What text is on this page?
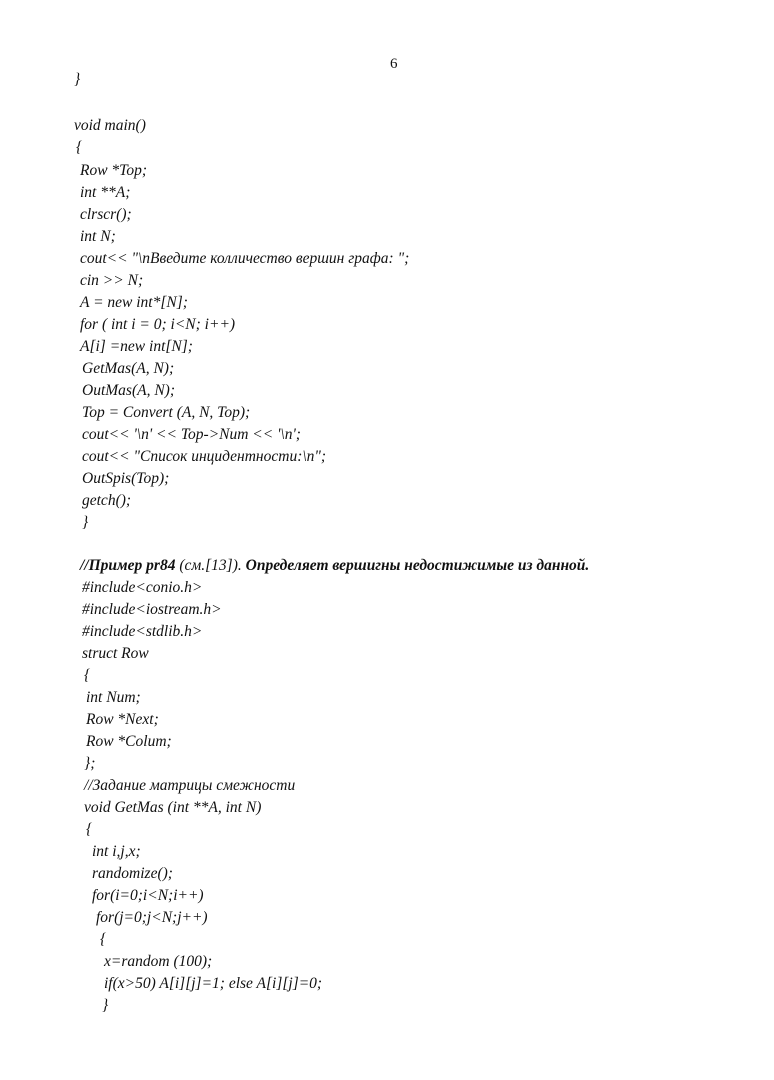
6
}
void main()
{
Row *Top;
int **A;
clrscr();
int N;
cout<< "\nВведите колличество вершин графа: ";
cin >> N;
A = new int*[N];
for ( int i = 0; i<N; i++)
A[i] =new int[N];
GetMas(A, N);
OutMas(A, N);
Top = Convert (A, N, Top);
cout<< '\n' << Top->Num << '\n';
cout<< "Список инцидентности:\n";
OutSpis(Top);
getch();
}
//Пример pr84 (см.[13]). Определяет вершигны недостижимые из данной.
#include<conio.h>
#include<iostream.h>
#include<stdlib.h>
struct Row
{
int Num;
Row *Next;
Row *Colum;
};
//Задание матрицы смежности
void GetMas (int **A, int N)
{
int i,j,x;
randomize();
for(i=0;i<N;i++)
for(j=0;j<N;j++)
{
x=random (100);
if(x>50) A[i][j]=1; else A[i][j]=0;
}
